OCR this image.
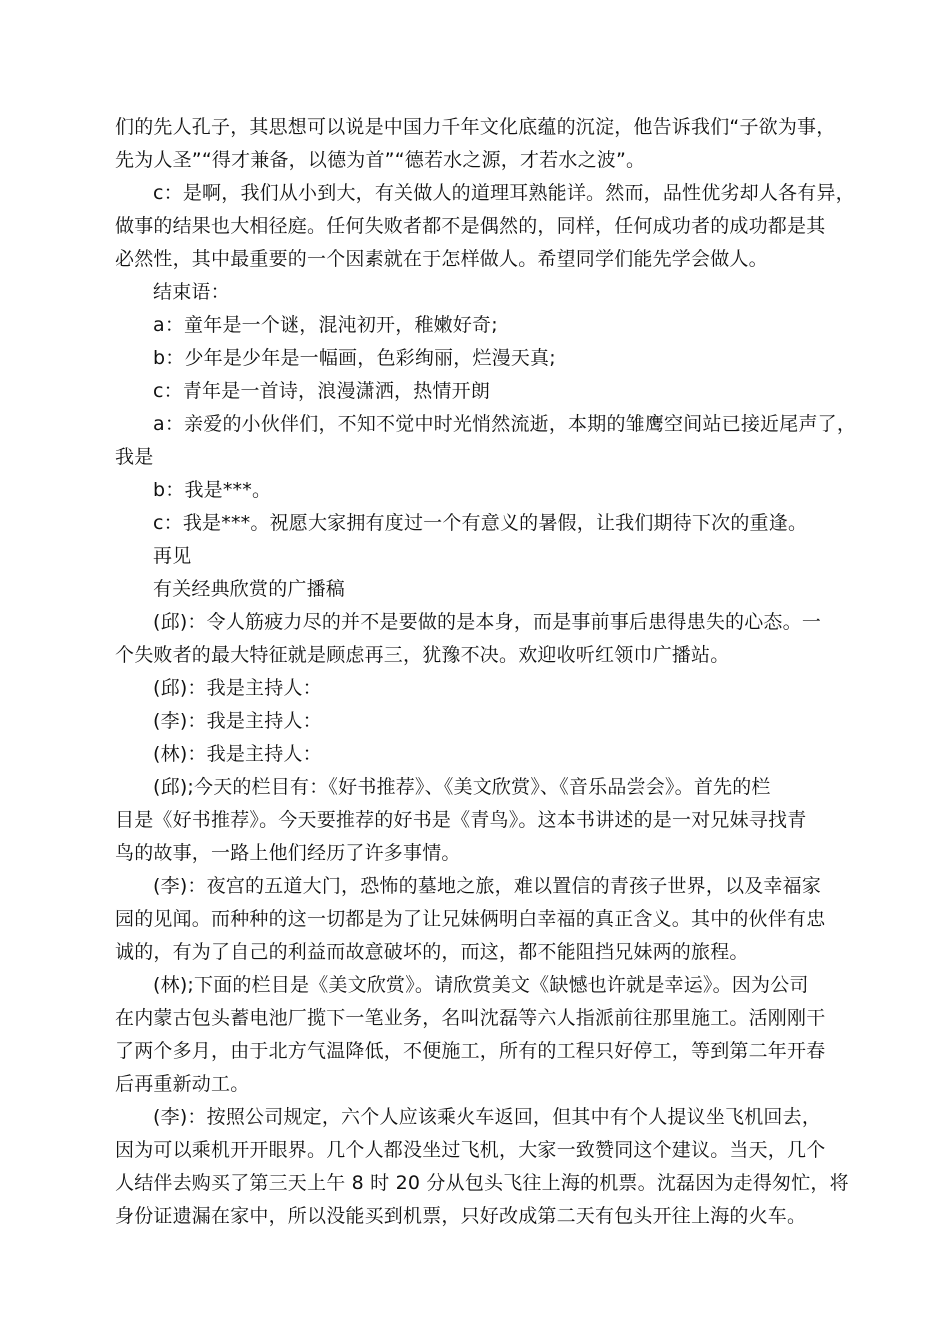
们的先人孔子，其思想可以说是中国力千年文化底蕴的沉淀，他告诉我们“子欲为事，
先为人圣”“得才兼备，以德为首”“德若水之源，才若水之波”。
c：是啊，我们从小到大，有关做人的道理耳熟能详。然而，品性优劣却人各有异，
做事的结果也大相径庭。任何失败者都不是偶然的，同样，任何成功者的成功都是其
必然性，其中最重要的一个因素就在于怎样做人。希望同学们能先学会做人。
结束语：
a：童年是一个谜，混沌初开，稚嫩好奇;
b：少年是少年是一幅画，色彩绚丽，烂漫天真;
c：青年是一首诗，浪漫潇洒，热情开朗
a：亲爱的小伙伴们，不知不觉中时光悄然流逝，本期的雏鹰空间站已接近尾声了，
我是
b：我是***。
c：我是***。祝愿大家拥有度过一个有意义的暑假，让我们期待下次的重逢。
再见
有关经典欣赏的广播稿
(邱)：令人筋疲力尽的并不是要做的是本身，而是事前事后患得患失的心态。一
个失败者的最大特征就是顾虑再三，犹豫不决。欢迎收听红领巾广播站。
(邱)：我是主持人：
(李)：我是主持人：
(林)：我是主持人：
(邱);今天的栏目有：《好书推荐》、《美文欣赏》、《音乐品尝会》。首先的栏
目是《好书推荐》。今天要推荐的好书是《青鸟》。这本书讲述的是一对兄妹寻找青
鸟的故事，一路上他们经历了许多事情。
(李)：夜宫的五道大门，恐怖的墓地之旅，难以置信的青孩子世界，以及幸福家
园的见闻。而种种的这一切都是为了让兄妹俩明白幸福的真正含义。其中的伙伴有忠
诚的，有为了自己的利益而故意破坏的，而这，都不能阻挡兄妹两的旅程。
(林);下面的栏目是《美文欣赏》。请欣赏美文《缺憾也许就是幸运》。因为公司
在内蒙古包头蓄电池厂揽下一笔业务，名叫沈磊等六人指派前往那里施工。活刚刚干
了两个多月，由于北方气温降低，不便施工，所有的工程只好停工，等到第二年开春
后再重新动工。
(李)：按照公司规定，六个人应该乘火车返回，但其中有个人提议坐飞机回去，
因为可以乘机开开眼界。几个人都没坐过飞机，大家一致赞同这个建议。当天，几个
人结伴去购买了第三天上午 8 时 20 分从包头飞往上海的机票。沈磊因为走得匆忙，将
身份证遗漏在家中，所以没能买到机票，只好改成第二天有包头开往上海的火车。
